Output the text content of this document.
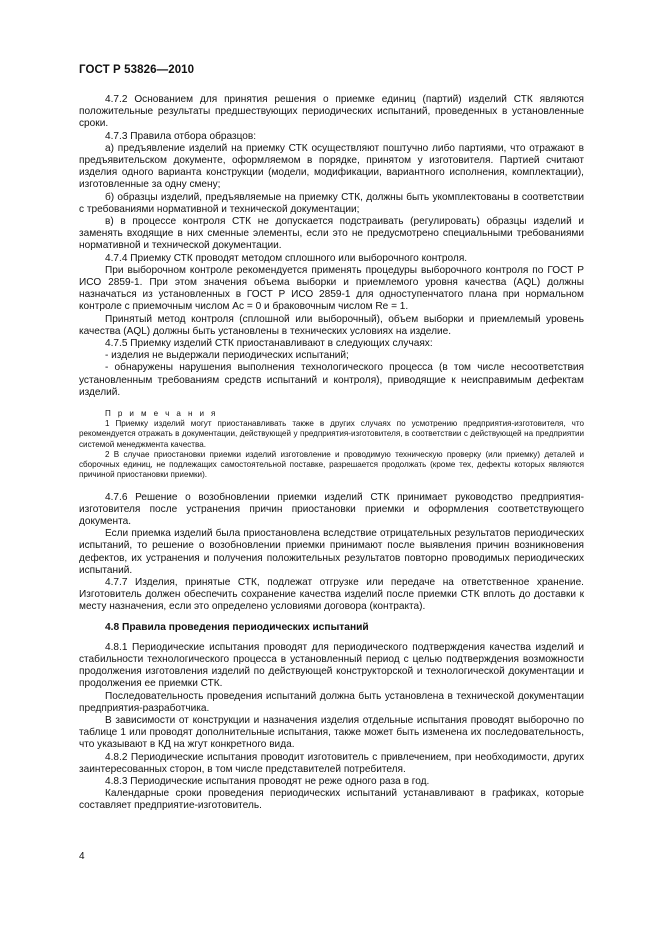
ГОСТ Р 53826—2010

4.7.2 Основанием для принятия решения о приемке единиц (партий) изделий СТК являются положительные результаты предшествующих периодических испытаний, проведенных в установленные сроки.

4.7.3 Правила отбора образцов:

а) предъявление изделий на приемку СТК осуществляют поштучно либо партиями, что отражают в предъявительском документе, оформляемом в порядке, принятом у изготовителя. Партией считают изделия одного варианта конструкции (модели, модификации, вариантного исполнения, комплектации), изготовленные за одну смену;

б) образцы изделий, предъявляемые на приемку СТК, должны быть укомплектованы в соответствии с требованиями нормативной и технической документации;

в) в процессе контроля СТК не допускается подстраивать (регулировать) образцы изделий и заменять входящие в них сменные элементы, если это не предусмотрено специальными требованиями нормативной и технической документации.

4.7.4 Приемку СТК проводят методом сплошного или выборочного контроля.

При выборочном контроле рекомендуется применять процедуры выборочного контроля по ГОСТ Р ИСО 2859-1. При этом значения объема выборки и приемлемого уровня качества (AQL) должны назначаться из установленных в ГОСТ Р ИСО 2859-1 для одноступенчатого плана при нормальном контроле с приемочным числом Ас = 0 и браковочным числом Re = 1.

Принятый метод контроля (сплошной или выборочный), объем выборки и приемлемый уровень качества (AQL) должны быть установлены в технических условиях на изделие.

4.7.5 Приемку изделий СТК приостанавливают в следующих случаях:

- изделия не выдержали периодических испытаний;

- обнаружены нарушения выполнения технологического процесса (в том числе несоответствия установленным требованиям средств испытаний и контроля), приводящие к неисправимым дефектам изделий.

П р и м е ч а н и я

1 Приемку изделий могут приостанавливать также в других случаях по усмотрению предприятия-изготовителя, что рекомендуется отражать в документации, действующей у предприятия-изготовителя, в соответствии с действующей на предприятии системой менеджмента качества.

2 В случае приостановки приемки изделий изготовление и проводимую техническую проверку (или приемку) деталей и сборочных единиц, не подлежащих самостоятельной поставке, разрешается продолжать (кроме тех, дефекты которых являются причиной приостановки приемки).

4.7.6 Решение о возобновлении приемки изделий СТК принимает руководство предприятия-изготовителя после устранения причин приостановки приемки и оформления соответствующего документа.

Если приемка изделий была приостановлена вследствие отрицательных результатов периодических испытаний, то решение о возобновлении приемки принимают после выявления причин возникновения дефектов, их устранения и получения положительных результатов повторно проводимых периодических испытаний.

4.7.7 Изделия, принятые СТК, подлежат отгрузке или передаче на ответственное хранение. Изготовитель должен обеспечить сохранение качества изделий после приемки СТК вплоть до доставки к месту назначения, если это определено условиями договора (контракта).

4.8 Правила проведения периодических испытаний

4.8.1 Периодические испытания проводят для периодического подтверждения качества изделий и стабильности технологического процесса в установленный период с целью подтверждения возможности продолжения изготовления изделий по действующей конструкторской и технологической документации и продолжения ее приемки СТК.

Последовательность проведения испытаний должна быть установлена в технической документации предприятия-разработчика.

В зависимости от конструкции и назначения изделия отдельные испытания проводят выборочно по таблице 1 или проводят дополнительные испытания, также может быть изменена их последовательность, что указывают в КД на жгут конкретного вида.

4.8.2 Периодические испытания проводит изготовитель с привлечением, при необходимости, других заинтересованных сторон, в том числе представителей потребителя.

4.8.3 Периодические испытания проводят не реже одного раза в год.

Календарные сроки проведения периодических испытаний устанавливают в графиках, которые составляет предприятие-изготовитель.

4
